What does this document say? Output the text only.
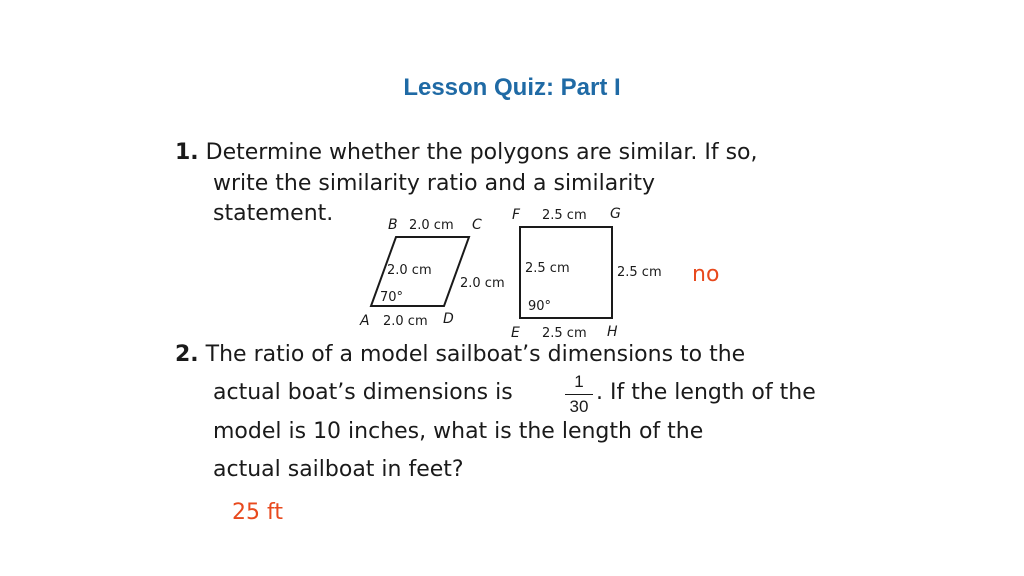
Lesson Quiz: Part I
1. Determine whether the polygons are similar. If so,
write the similarity ratio and a similarity
statement.
no
B 2.0 cm C
2.0 cm
2.0 cm
70°
A 2.0 cm D
F 2.5 cm G
2.5 cm	2.5 cm
90°
E 2.5 cm H
2. The ratio of a model sailboat’s dimensions to the
actual boat’s dimensions is	1
30
. If the length of the
model is 10 inches, what is the length of the
actual sailboat in feet?
25 ft
